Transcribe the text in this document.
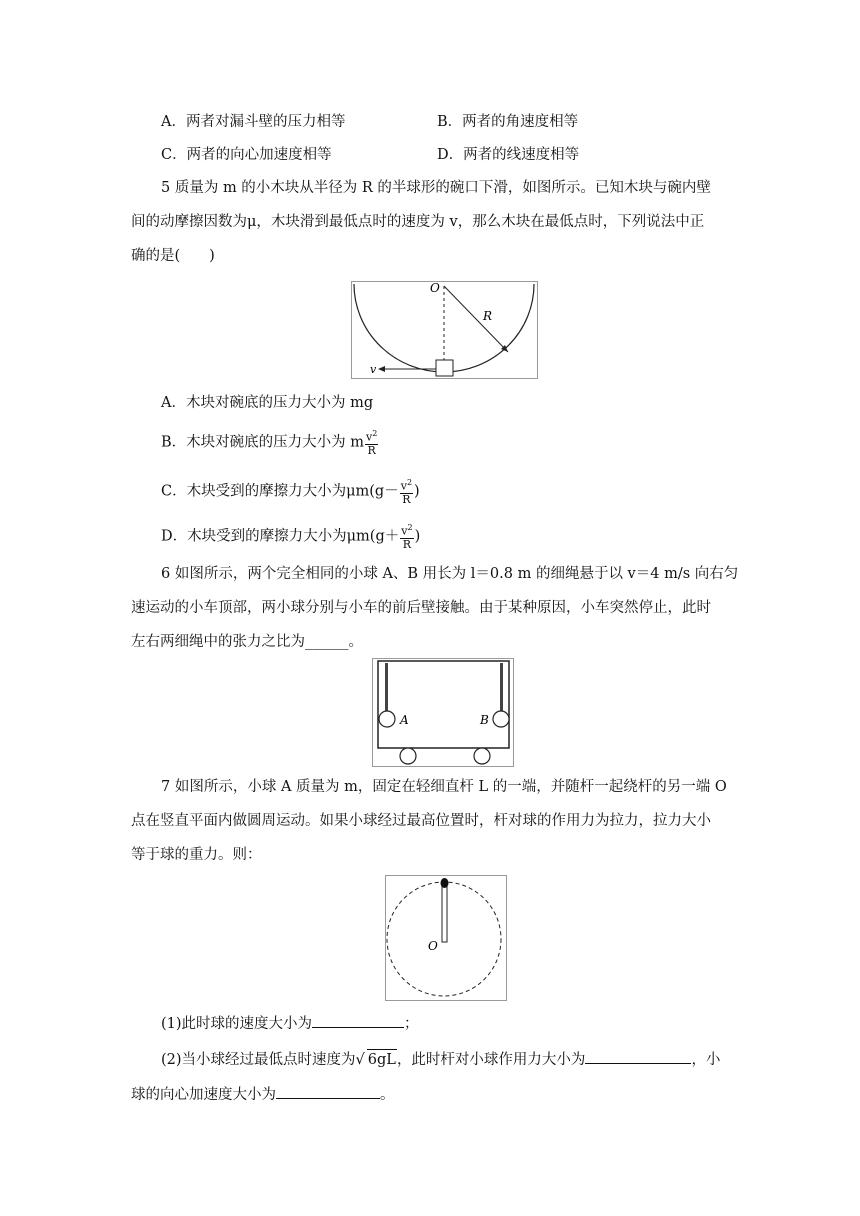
A．两者对漏斗壁的压力相等	B．两者的角速度相等
C．两者的向心加速度相等	D．两者的线速度相等
5 质量为 m 的小木块从半径为 R 的半球形的碗口下滑，如图所示。已知木块与碗内壁
间的动摩擦因数为μ，木块滑到最低点时的速度为 v，那么木块在最低点时，下列说法中正
确的是(　　)
O
R
v
A．木块对碗底的压力大小为 mg
B．木块对碗底的压力大小为 m $\frac{v^2}{R}$
C．木块受到的摩擦力大小为$\mu m(g- \frac{v^2}{R}$ )
D．木块受到的摩擦力大小为$\mu m(g+ \frac{v^2}{R}$ )
6 如图所示，两个完全相同的小球 A、B 用长为 l＝0.8 m 的细绳悬于以 v＝4 m/s 向右匀
速运动的小车顶部，两小球分别与小车的前后壁接触。由于某种原因，小车突然停止，此时
左右两细绳中的张力之比为______。
A	B
7 如图所示，小球 A 质量为 m，固定在轻细直杆 L 的一端，并随杆一起绕杆的另一端 O
点在竖直平面内做圆周运动。如果小球经过最高位置时，杆对球的作用力为拉力，拉力大小
等于球的重力。则：
O
(1)此时球的速度大小为	；
(2)当小球经过最低点时速度为√ 6gL，此时杆对小球作用力大小为	，小
球的向心加速度大小为	。
